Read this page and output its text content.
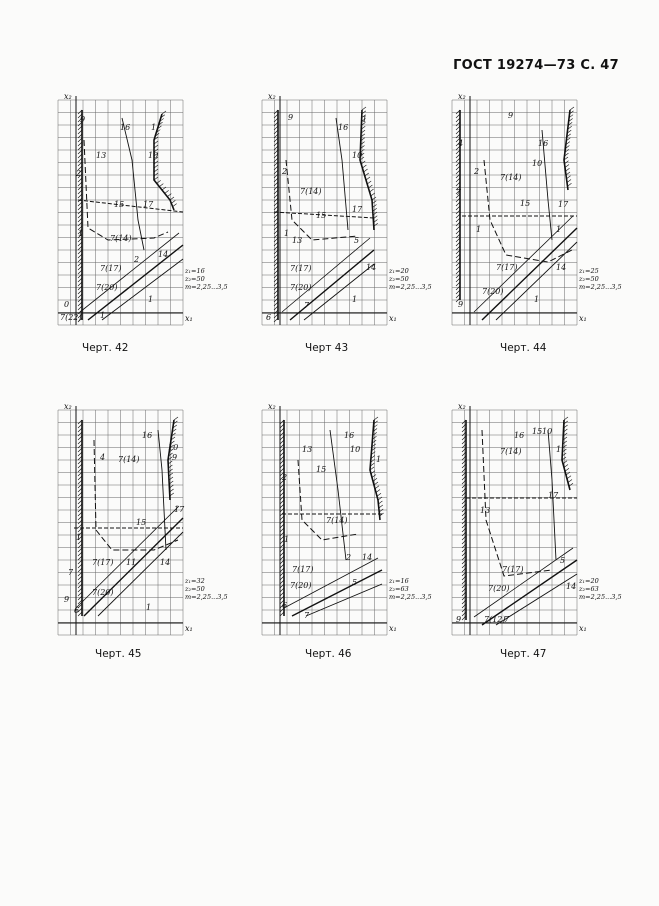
ГОСТ 19274—73 С. 47
x₂
x₁
9
16	1
13	10
2
15 17
1
7(14)
7(17)
2
14
7(20)
0
1
7(22) 1
z₁=16
z₂=50
m=2,25...3,5
x₂
x₁
9
16
1
10
2
7(14)
15
17
1
13	5
7(17)	14
7(20)
1
6
7
z₁=20
z₂=50
m=2,25...3,5
x₂
x₁
9
4	16
2
7(14)
10
15	17
7
1	1
7(17)	14
7(20)
9
1
z₁=25
z₂=50
m=2,25...3,5
x₂
x₁
16
9
10
4 7(14)
15
17
1
7
7(17) 11	14
7(20)
9
6	1
z₁=32
z₂=50
m=2,25...3,5
x₂
x₁
16
13	10
1
2
15
7(14)
1
7(17)
2 14
7(20)	5
6
7
z₁=16
z₂=63
m=2,25...3,5
x₂
x₁
15
16 10
7(14)	1
17
13
7(17)
5
7(20)	14
9	7(12)
7
z₁=20
z₂=63
m=2,25...3,5
Черт. 42	Черт 43	Черт. 44
Черт. 45	Черт. 46	Черт. 47
